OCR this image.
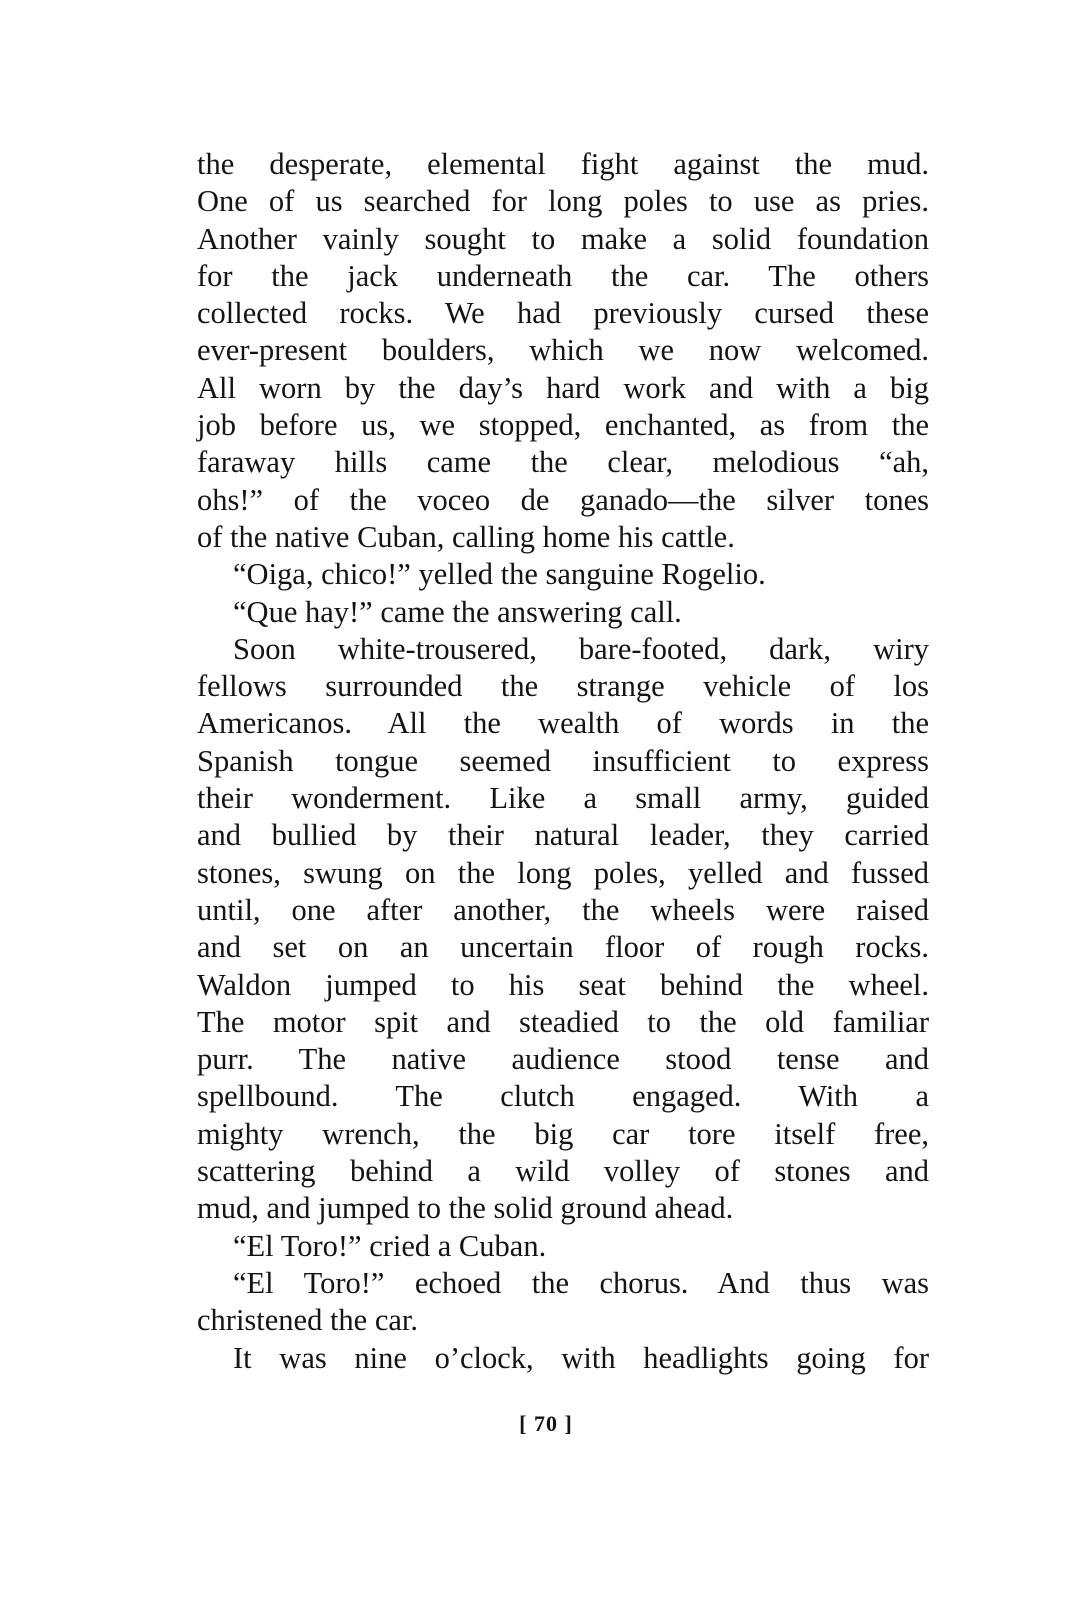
the desperate, elemental fight against the mud.
One of us searched for long poles to use as pries.
Another vainly sought to make a solid foundation
for the jack underneath the car. The others
collected rocks. We had previously cursed these
ever-present boulders, which we now welcomed.
All worn by the day’s hard work and with a big
job before us, we stopped, enchanted, as from the
faraway hills came the clear, melodious “ah,
ohs!” of the voceo de ganado—the silver tones
of the native Cuban, calling home his cattle.
“Oiga, chico!” yelled the sanguine Rogelio.
“Que hay!” came the answering call.
Soon white-trousered, bare-footed, dark, wiry
fellows surrounded the strange vehicle of los
Americanos. All the wealth of words in the
Spanish tongue seemed insufficient to express
their wonderment. Like a small army, guided
and bullied by their natural leader, they carried
stones, swung on the long poles, yelled and fussed
until, one after another, the wheels were raised
and set on an uncertain floor of rough rocks.
Waldon jumped to his seat behind the wheel.
The motor spit and steadied to the old familiar
purr. The native audience stood tense and
spellbound. The clutch engaged. With a
mighty wrench, the big car tore itself free,
scattering behind a wild volley of stones and
mud, and jumped to the solid ground ahead.
“El Toro!” cried a Cuban.
“El Toro!” echoed the chorus. And thus was
christened the car.
It was nine o’clock, with headlights going for
[ 70 ]
